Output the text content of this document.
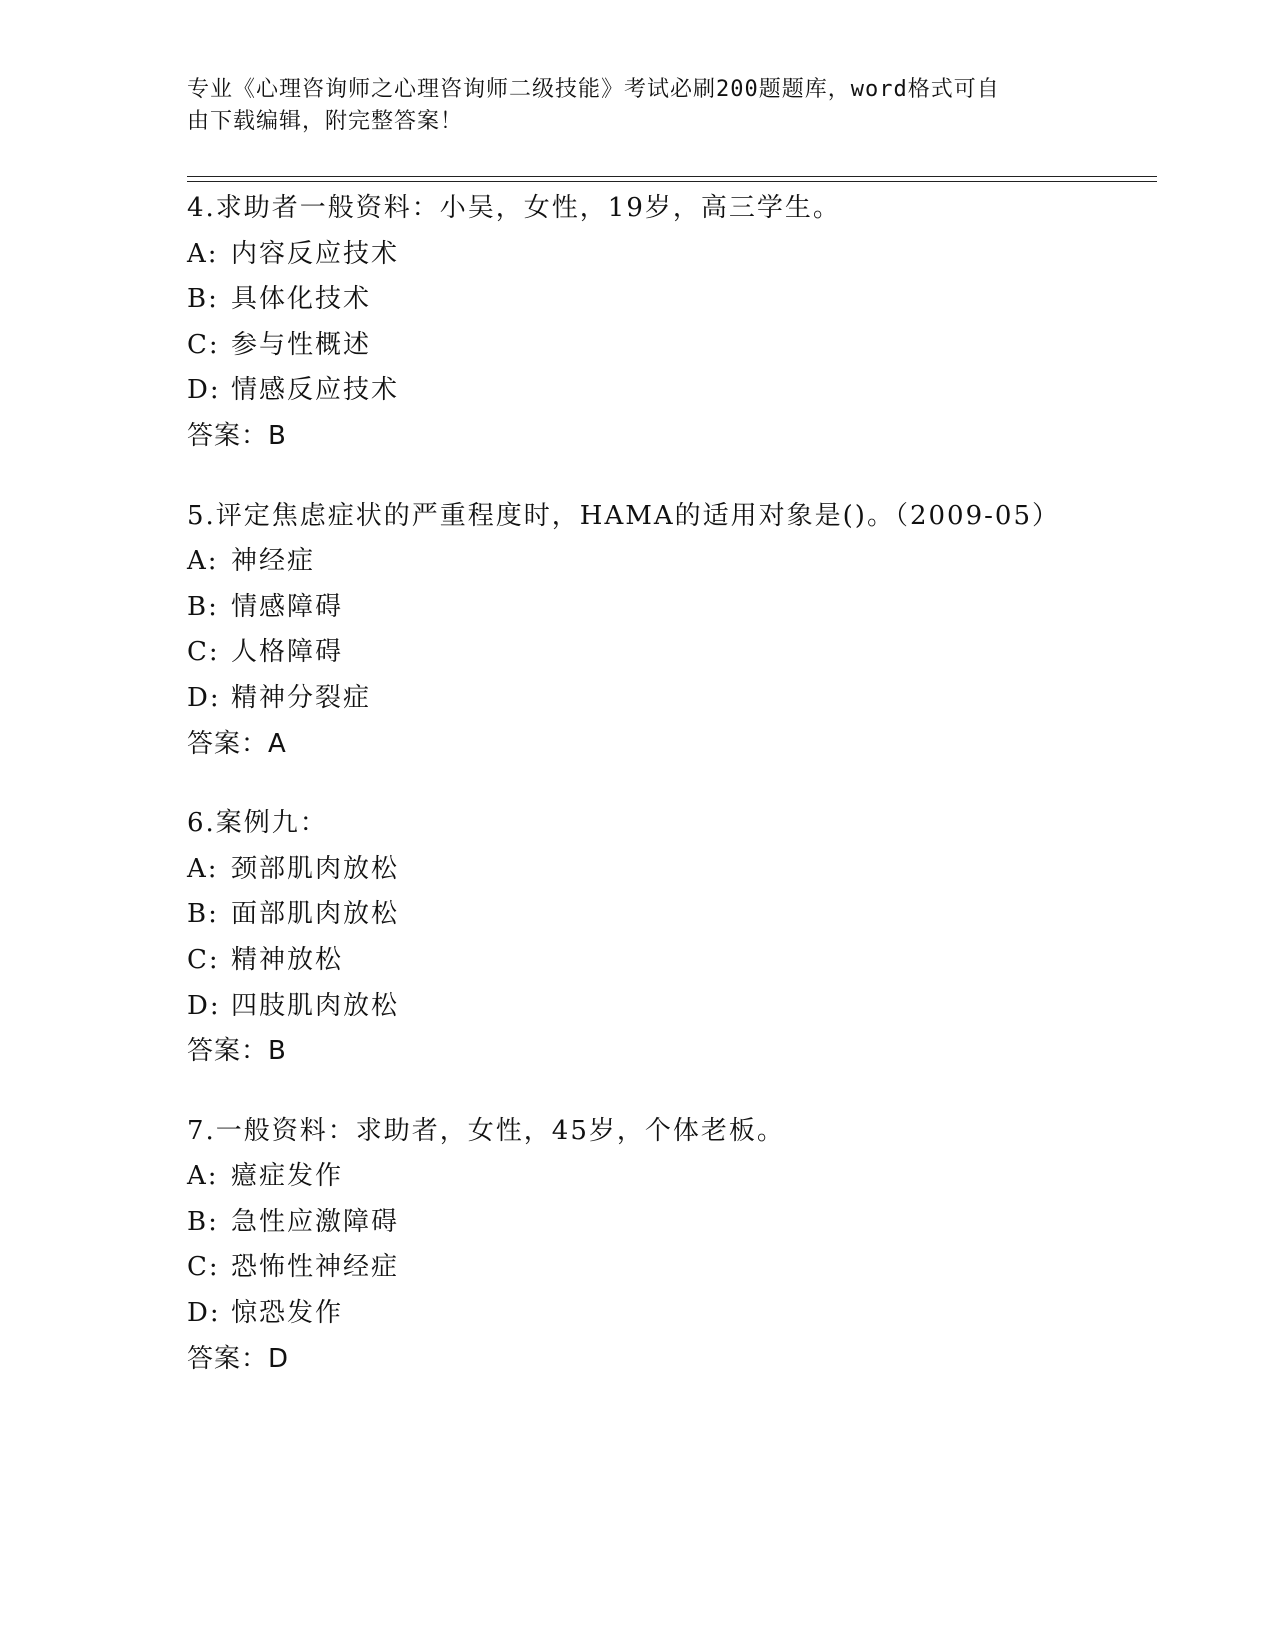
专业《心理咨询师之心理咨询师二级技能》考试必刷200题题库，word格式可自
由下载编辑，附完整答案！
4.求助者一般资料：小吴，女性，19岁，高三学生。
A: 内容反应技术
B: 具体化技术
C: 参与性概述
D: 情感反应技术
答案：B
5.评定焦虑症状的严重程度时，HAMA的适用对象是()。（2009-05）
A: 神经症
B: 情感障碍
C: 人格障碍
D: 精神分裂症
答案：A
6.案例九：
A: 颈部肌肉放松
B: 面部肌肉放松
C: 精神放松
D: 四肢肌肉放松
答案：B
7.一般资料：求助者，女性，45岁，个体老板。
A: 癔症发作
B: 急性应激障碍
C: 恐怖性神经症
D: 惊恐发作
答案：D
